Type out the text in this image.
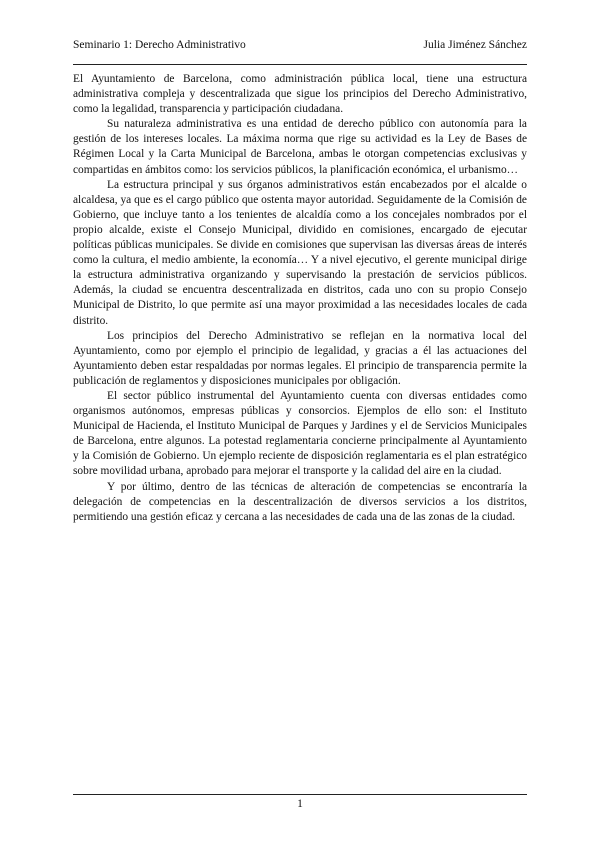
Seminario 1: Derecho Administrativo	Julia Jiménez Sánchez

El Ayuntamiento de Barcelona, como administración pública local, tiene una estructura administrativa compleja y descentralizada que sigue los principios del Derecho Administrativo, como la legalidad, transparencia y participación ciudadana.

Su naturaleza administrativa es una entidad de derecho público con autonomía para la gestión de los intereses locales. La máxima norma que rige su actividad es la Ley de Bases de Régimen Local y la Carta Municipal de Barcelona, ambas le otorgan competencias exclusivas y compartidas en ámbitos como: los servicios públicos, la planificación económica, el urbanismo…

La estructura principal y sus órganos administrativos están encabezados por el alcalde o alcaldesa, ya que es el cargo público que ostenta mayor autoridad. Seguidamente de la Comisión de Gobierno, que incluye tanto a los tenientes de alcaldía como a los concejales nombrados por el propio alcalde, existe el Consejo Municipal, dividido en comisiones, encargado de ejecutar políticas públicas municipales. Se divide en comisiones que supervisan las diversas áreas de interés como la cultura, el medio ambiente, la economía… Y a nivel ejecutivo, el gerente municipal dirige la estructura administrativa organizando y supervisando la prestación de servicios públicos. Además, la ciudad se encuentra descentralizada en distritos, cada uno con su propio Consejo Municipal de Distrito, lo que permite así una mayor proximidad a las necesidades locales de cada distrito.

Los principios del Derecho Administrativo se reflejan en la normativa local del Ayuntamiento, como por ejemplo el principio de legalidad, y gracias a él las actuaciones del Ayuntamiento deben estar respaldadas por normas legales. El principio de transparencia permite la publicación de reglamentos y disposiciones municipales por obligación.

El sector público instrumental del Ayuntamiento cuenta con diversas entidades como organismos autónomos, empresas públicas y consorcios. Ejemplos de ello son: el Instituto Municipal de Hacienda, el Instituto Municipal de Parques y Jardines y el de Servicios Municipales de Barcelona, entre algunos. La potestad reglamentaria concierne principalmente al Ayuntamiento y la Comisión de Gobierno. Un ejemplo reciente de disposición reglamentaria es el plan estratégico sobre movilidad urbana, aprobado para mejorar el transporte y la calidad del aire en la ciudad.

Y por último, dentro de las técnicas de alteración de competencias se encontraría la delegación de competencias en la descentralización de diversos servicios a los distritos, permitiendo una gestión eficaz y cercana a las necesidades de cada una de las zonas de la ciudad.

1
